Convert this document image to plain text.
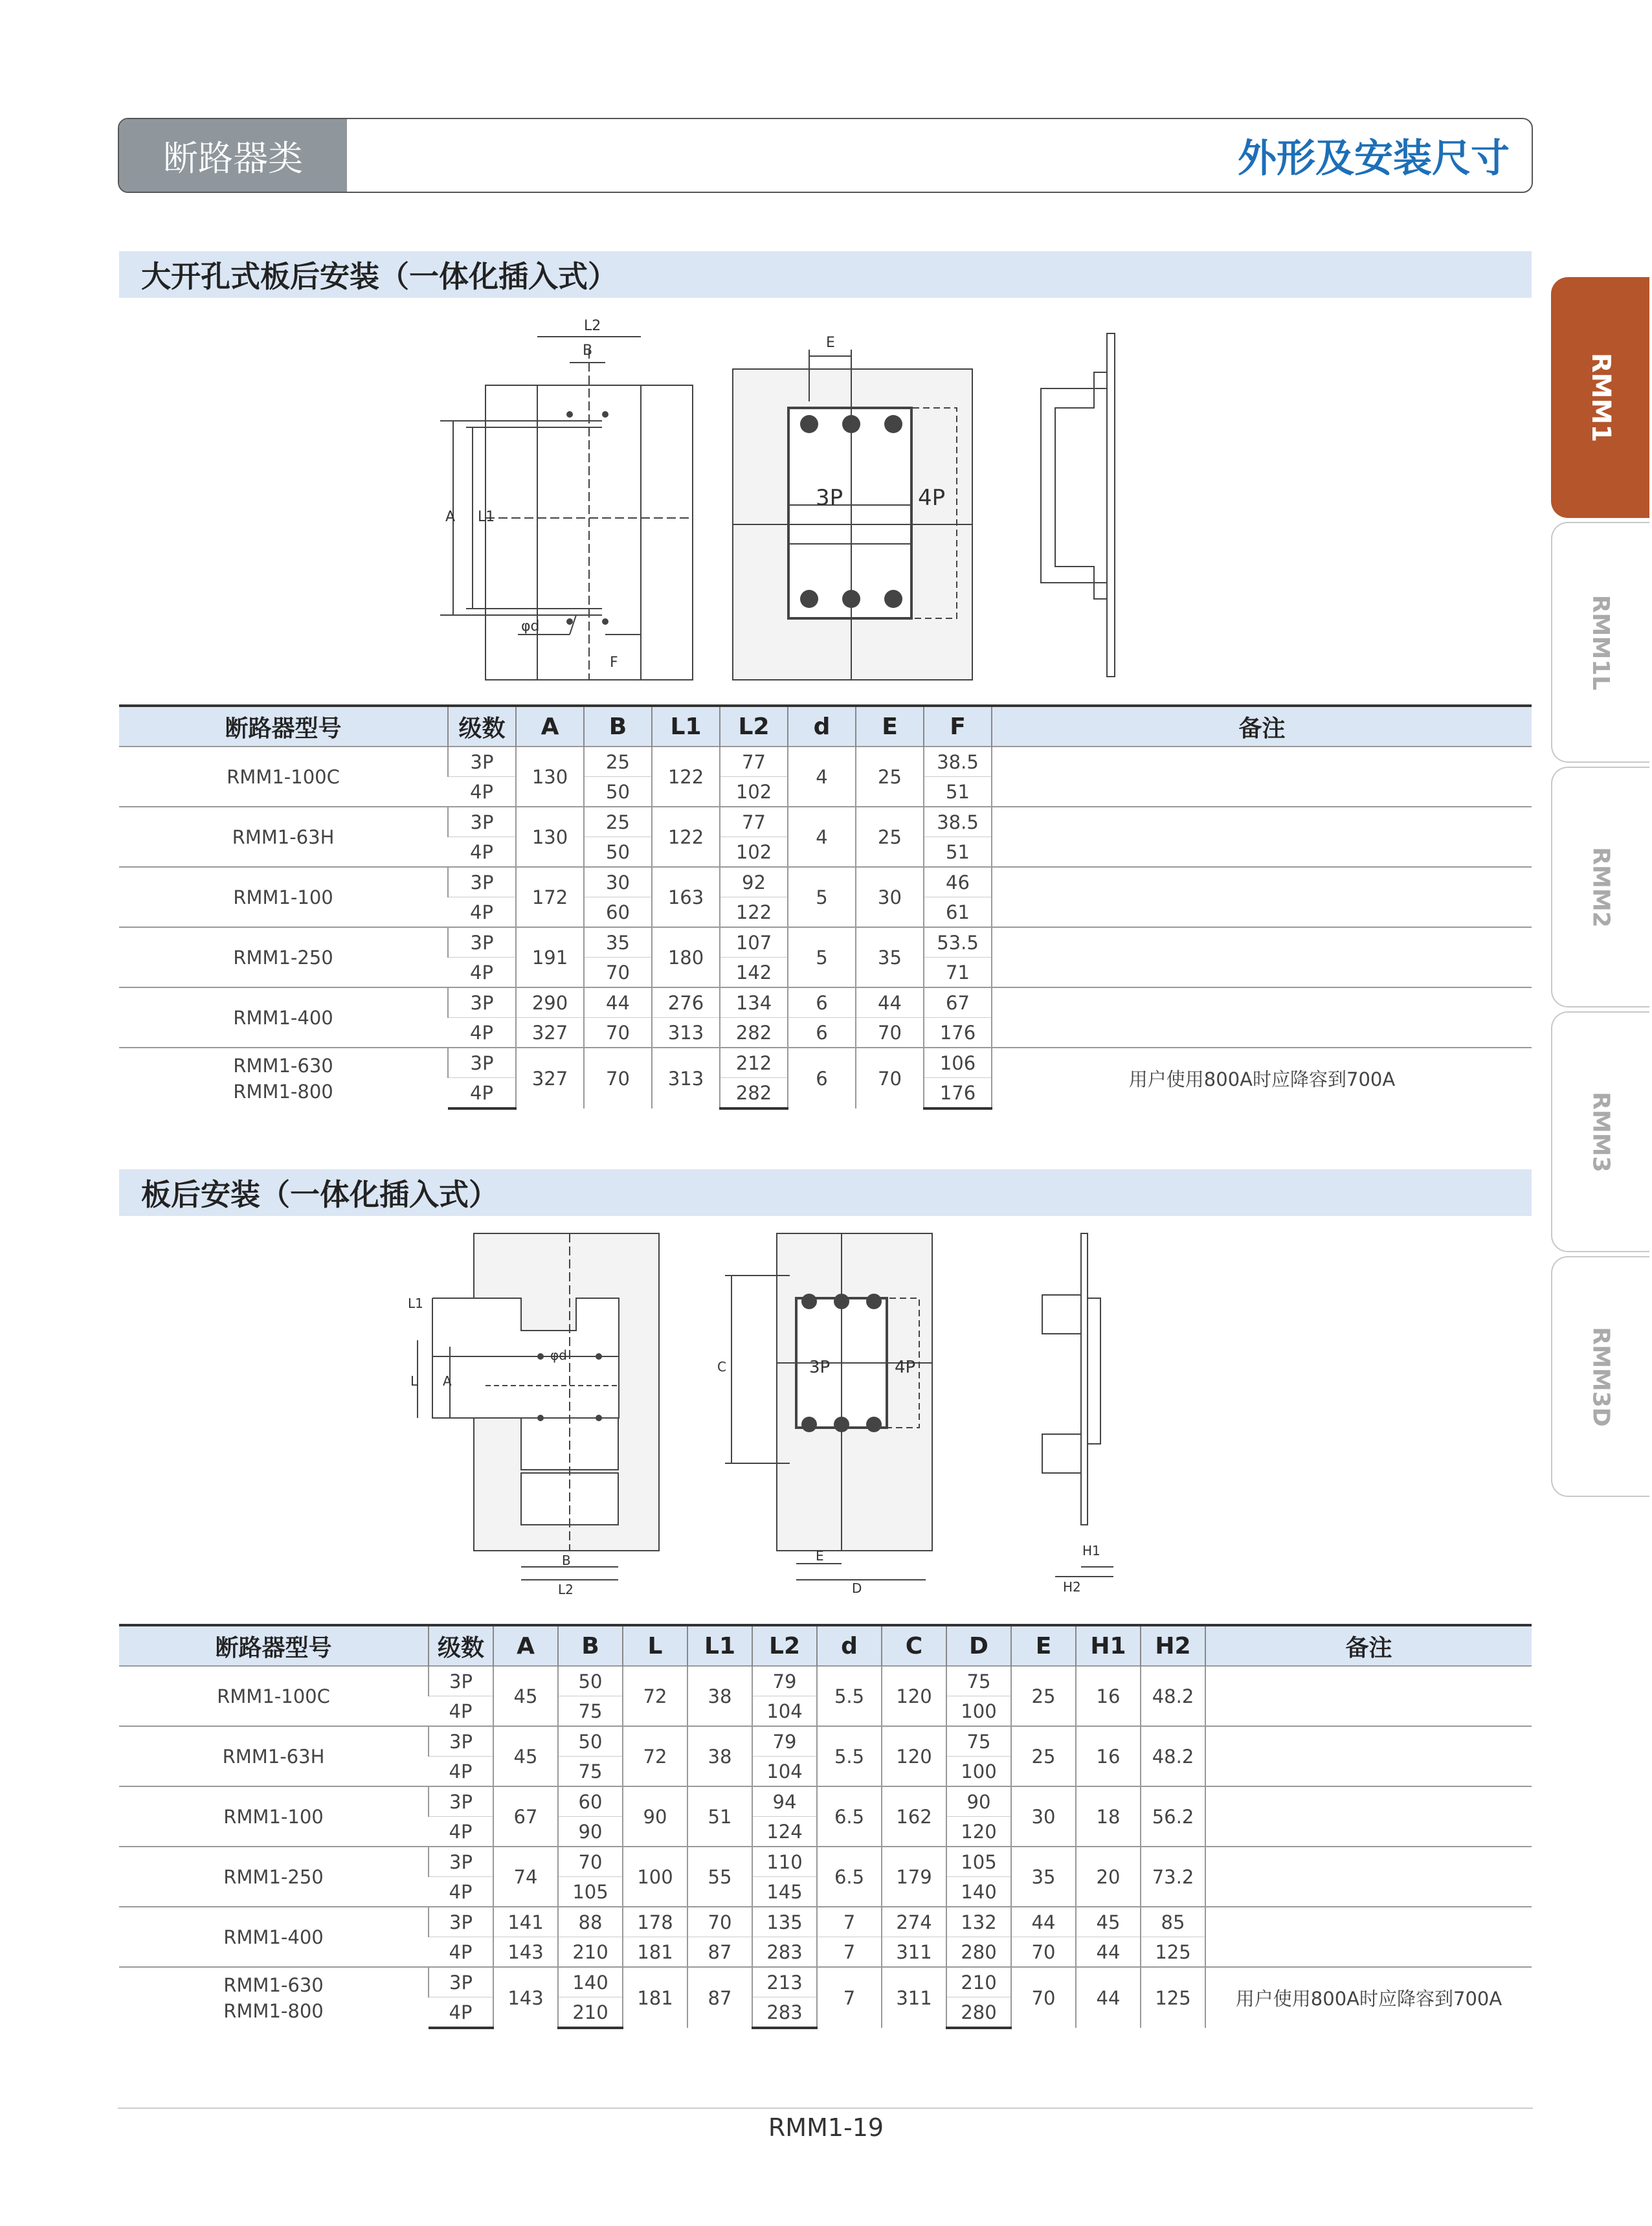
断路器类	外形及安装尺寸
RMM1
RMM1L
RMM2
RMM3
RMM3D
大开孔式板后安装（一体化插入式）
L2
B
A L1
φd
F
E
3P	4P
断路器型号	级数	A	B	L1	L2	d	E	F	备注
RMM1-100C	3P	130	25	122	77	4	25	38.5	
	4P		50		102			51	
RMM1-63H	3P	130	25	122	77	4	25	38.5	
	4P		50		102			51	
RMM1-100	3P	172	30	163	92	5	30	46	
	4P		60		122			61	
RMM1-250	3P	191	35	180	107	5	35	53.5	
	4P		70		142			71	
RMM1-400	3P	290	44	276	134	6	44	67	
	4P	327	70	313	282	6	70	176	
RMM1-630
RMM1-800	3P	327	70	313	212	6	70	106	用户使用800A时应降容到700A
	4P				282			176	
板后安装（一体化插入式）
L1
L A
φd
B
L2
C
E
D
H1
H2
3P	4P
断路器型号	级数	A	B	L	L1	L2	d	C	D	E	H1	H2	备注
RMM1-100C	3P	45	50	72	38	79	5.5	120	75	25	16	48.2	
	4P		75			104			100				
RMM1-63H	3P	45	50	72	38	79	5.5	120	75	25	16	48.2	
	4P		75			104			100				
RMM1-100	3P	67	60	90	51	94	6.5	162	90	30	18	56.2	
	4P		90			124			120				
RMM1-250	3P	74	70	100	55	110	6.5	179	105	35	20	73.2	
	4P		105			145			140				
RMM1-400	3P	141	88	178	70	135	7	274	132	44	45	85	
	4P	143	210	181	87	283	7	311	280	70	44	125	
RMM1-630
RMM1-800	3P	143	140	181	87	213	7	311	210	70	44	125	用户使用800A时应降容到700A
	4P		210			283			280				
RMM1-19
